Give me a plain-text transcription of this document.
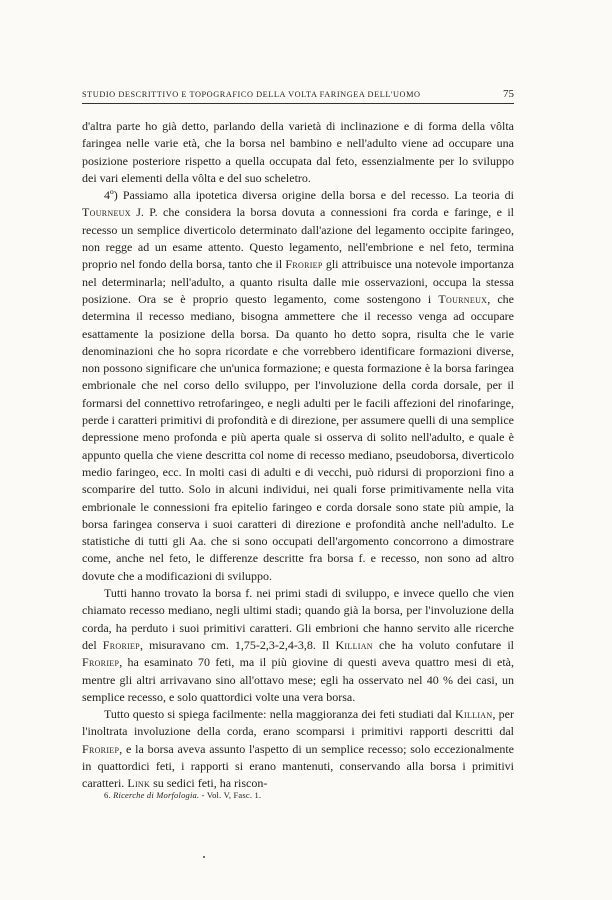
STUDIO DESCRITTIVO E TOPOGRAFICO DELLA VOLTA FARINGEA DELL'UOMO	75

d'altra parte ho già detto, parlando della varietà di inclinazione e di forma della vôlta faringea nelle varie età, che la borsa nel bambino e nell'adulto viene ad occupare una posizione posteriore rispetto a quella occupata dal feto, essenzialmente per lo sviluppo dei vari elementi della vôlta e del suo scheletro.

4º) Passiamo alla ipotetica diversa origine della borsa e del recesso. La teoria di Tourneux J. P. che considera la borsa dovuta a connessioni fra corda e faringe, e il recesso un semplice diverticolo determinato dall'azione del legamento occipite faringeo, non regge ad un esame attento. Questo legamento, nell'embrione e nel feto, termina proprio nel fondo della borsa, tanto che il Froriep gli attribuisce una notevole importanza nel determinarla; nell'adulto, a quanto risulta dalle mie osservazioni, occupa la stessa posizione. Ora se è proprio questo legamento, come sostengono i Tourneux, che determina il recesso mediano, bisogna ammettere che il recesso venga ad occupare esattamente la posizione della borsa. Da quanto ho detto sopra, risulta che le varie denominazioni che ho sopra ricordate e che vorrebbero identificare formazioni diverse, non possono significare che un'unica formazione; e questa formazione è la borsa faringea embrionale che nel corso dello sviluppo, per l'involuzione della corda dorsale, per il formarsi del connettivo retrofaringeo, e negli adulti per le facili affezioni del rinofaringe, perde i caratteri primitivi di profondità e di direzione, per assumere quelli di una semplice depressione meno profonda e più aperta quale si osserva di solito nell'adulto, e quale è appunto quella che viene descritta col nome di recesso mediano, pseudoborsa, diverticolo medio faringeo, ecc. In molti casi di adulti e di vecchi, può ridursi di proporzioni fino a scomparire del tutto. Solo in alcuni individui, nei quali forse primitivamente nella vita embrionale le connessioni fra epitelio faringeo e corda dorsale sono state più ampie, la borsa faringea conserva i suoi caratteri di direzione e profondità anche nell'adulto. Le statistiche di tutti gli Aa. che si sono occupati dell'argomento concorrono a dimostrare come, anche nel feto, le differenze descritte fra borsa f. e recesso, non sono ad altro dovute che a modificazioni di sviluppo.

Tutti hanno trovato la borsa f. nei primi stadi di sviluppo, e invece quello che vien chiamato recesso mediano, negli ultimi stadi; quando già la borsa, per l'involuzione della corda, ha perduto i suoi primitivi caratteri. Gli embrioni che hanno servito alle ricerche del Froriep, misuravano cm. 1,75-2,3-2,4-3,8. Il Killian che ha voluto confutare il Froriep, ha esaminato 70 feti, ma il più giovine di questi aveva quattro mesi di età, mentre gli altri arrivavano sino all'ottavo mese; egli ha osservato nel 40 % dei casi, un semplice recesso, e solo quattordici volte una vera borsa.

Tutto questo si spiega facilmente: nella maggioranza dei feti studiati dal Killian, per l'inoltrata involuzione della corda, erano scomparsi i primitivi rapporti descritti dal Froriep, e la borsa aveva assunto l'aspetto di un semplice recesso; solo eccezionalmente in quattordici feti, i rapporti si erano mantenuti, conservando alla borsa i primitivi caratteri. Link su sedici feti, ha riscon-

6. Ricerche di Morfologia. - Vol. V, Fasc. 1.
